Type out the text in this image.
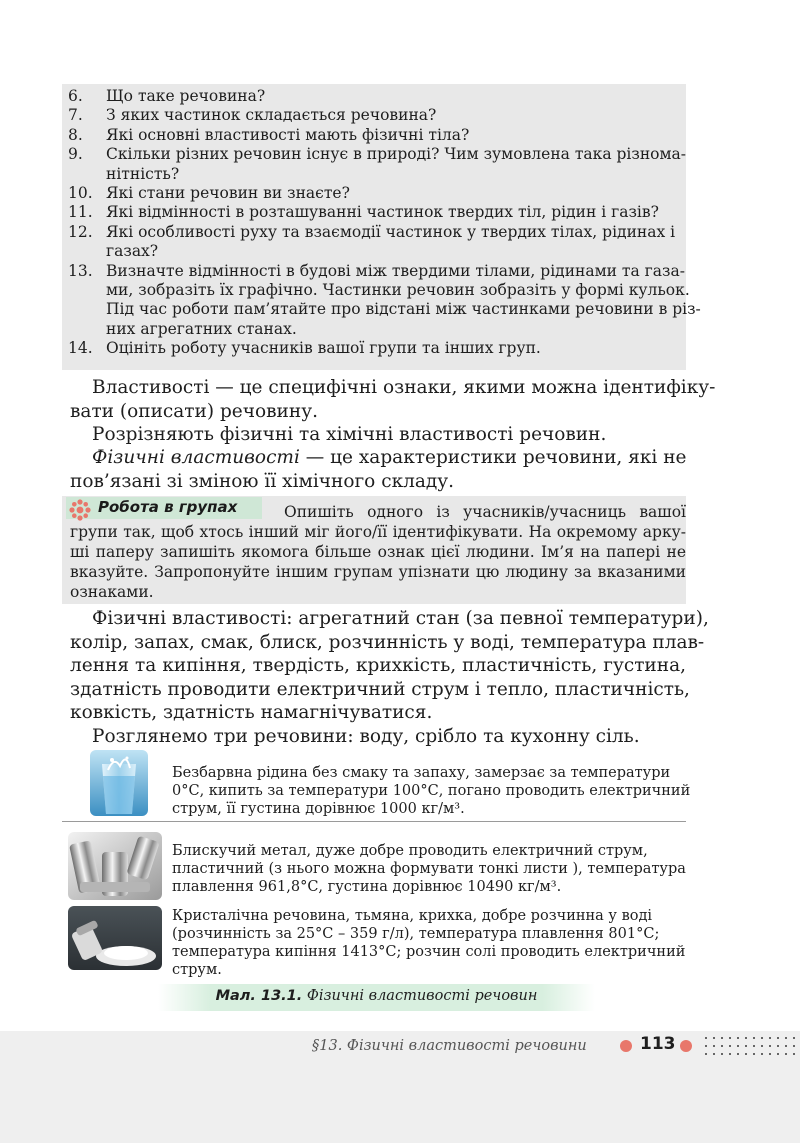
6. Що таке речовина?
7. З яких частинок складається речовина?
8. Які основні властивості мають фізичні тіла?
9. Скільки різних речовин існує в природі? Чим зумовлена така різнома-
нітність?
10. Які стани речовин ви знаєте?
11. Які відмінності в розташуванні частинок твердих тіл, рідин і газів?
12. Які особливості руху та взаємодії частинок у твердих тілах, рідинах і
газах?
13. Визначте відмінності в будові між твердими тілами, рідинами та газа-
ми, зобразіть їх графічно. Частинки речовин зобразіть у формі кульок.
Під час роботи пам’ятайте про відстані між частинками речовини в різ-
них агрегатних станах.
14. Оцініть роботу учасників вашої групи та інших груп.
Властивості — це специфічні ознаки, якими можна ідентифіку-
вати (описати) речовину.
Розрізняють фізичні та хімічні властивості речовин.
Фізичні властивості — це характеристики речовини, які не
пов’язані зі зміною її хімічного складу.
Робота в групах	Опишіть одного із учасників/учасниць вашої
групи так, щоб хтось інший міг його/її ідентифікувати. На окремому арку-
ші паперу запишіть якомога більше ознак цієї людини. Ім’я на папері не
вказуйте. Запропонуйте іншим групам упізнати цю людину за вказаними
ознаками.
Фізичні властивості: агрегатний стан (за певної температури),
колір, запах, смак, блиск, розчинність у воді, температура плав-
лення та кипіння, твердість, крихкість, пластичність, густина,
здатність проводити електричний струм і тепло, пластичність,
ковкість, здатність намагнічуватися.
Розглянемо три речовини: воду, срібло та кухонну сіль.
Безбарвна рідина без смаку та запаху, замерзає за температури
0°С, кипить за температури 100°С, погано проводить електричний
струм, її густина дорівнює 1000 кг/м³.
Блискучий метал, дуже добре проводить електричний струм,
пластичний (з нього можна формувати тонкі листи ), температура
плавлення 961,8°С, густина дорівнює 10490 кг/м³.
Кристалічна речовина, тьмяна, крихка, добре розчинна у воді
(розчинність за 25°С – 359 г/л), температура плавлення 801°С;
температура кипіння 1413°С; розчин солі проводить електричний
струм.
Мал. 13.1. Фізичні властивості речовин
§13. Фізичні властивості речовини	113
